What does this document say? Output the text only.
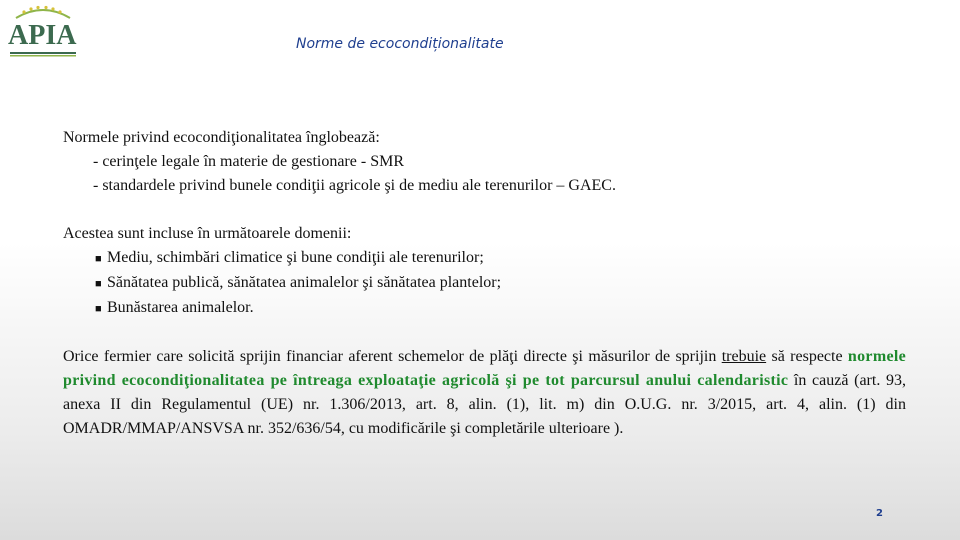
APIA	Norme de ecocondiționalitate

Normele privind ecocondiţionalitatea înglobează:

- cerinţele legale în materie de gestionare - SMR

- standardele privind bunele condiţii agricole şi de mediu ale terenurilor – GAEC.

Acestea sunt incluse în următoarele domenii:

■ Mediu, schimbări climatice şi bune condiţii ale terenurilor;

■ Sănătatea publică, sănătatea animalelor şi sănătatea plantelor;

■ Bunăstarea animalelor.

Orice fermier care solicită sprijin financiar aferent schemelor de plăţi directe şi măsurilor de sprijin trebuie să respecte normele privind ecocondiţionalitatea pe întreaga exploataţie agricolă şi pe tot parcursul anului calendaristic în cauză (art. 93, anexa II din Regulamentul (UE) nr. 1.306/2013, art. 8, alin. (1), lit. m) din O.U.G. nr. 3/2015, art. 4, alin. (1) din OMADR/MMAP/ANSVSA nr. 352/636/54, cu modificările şi completările ulterioare ).

2
